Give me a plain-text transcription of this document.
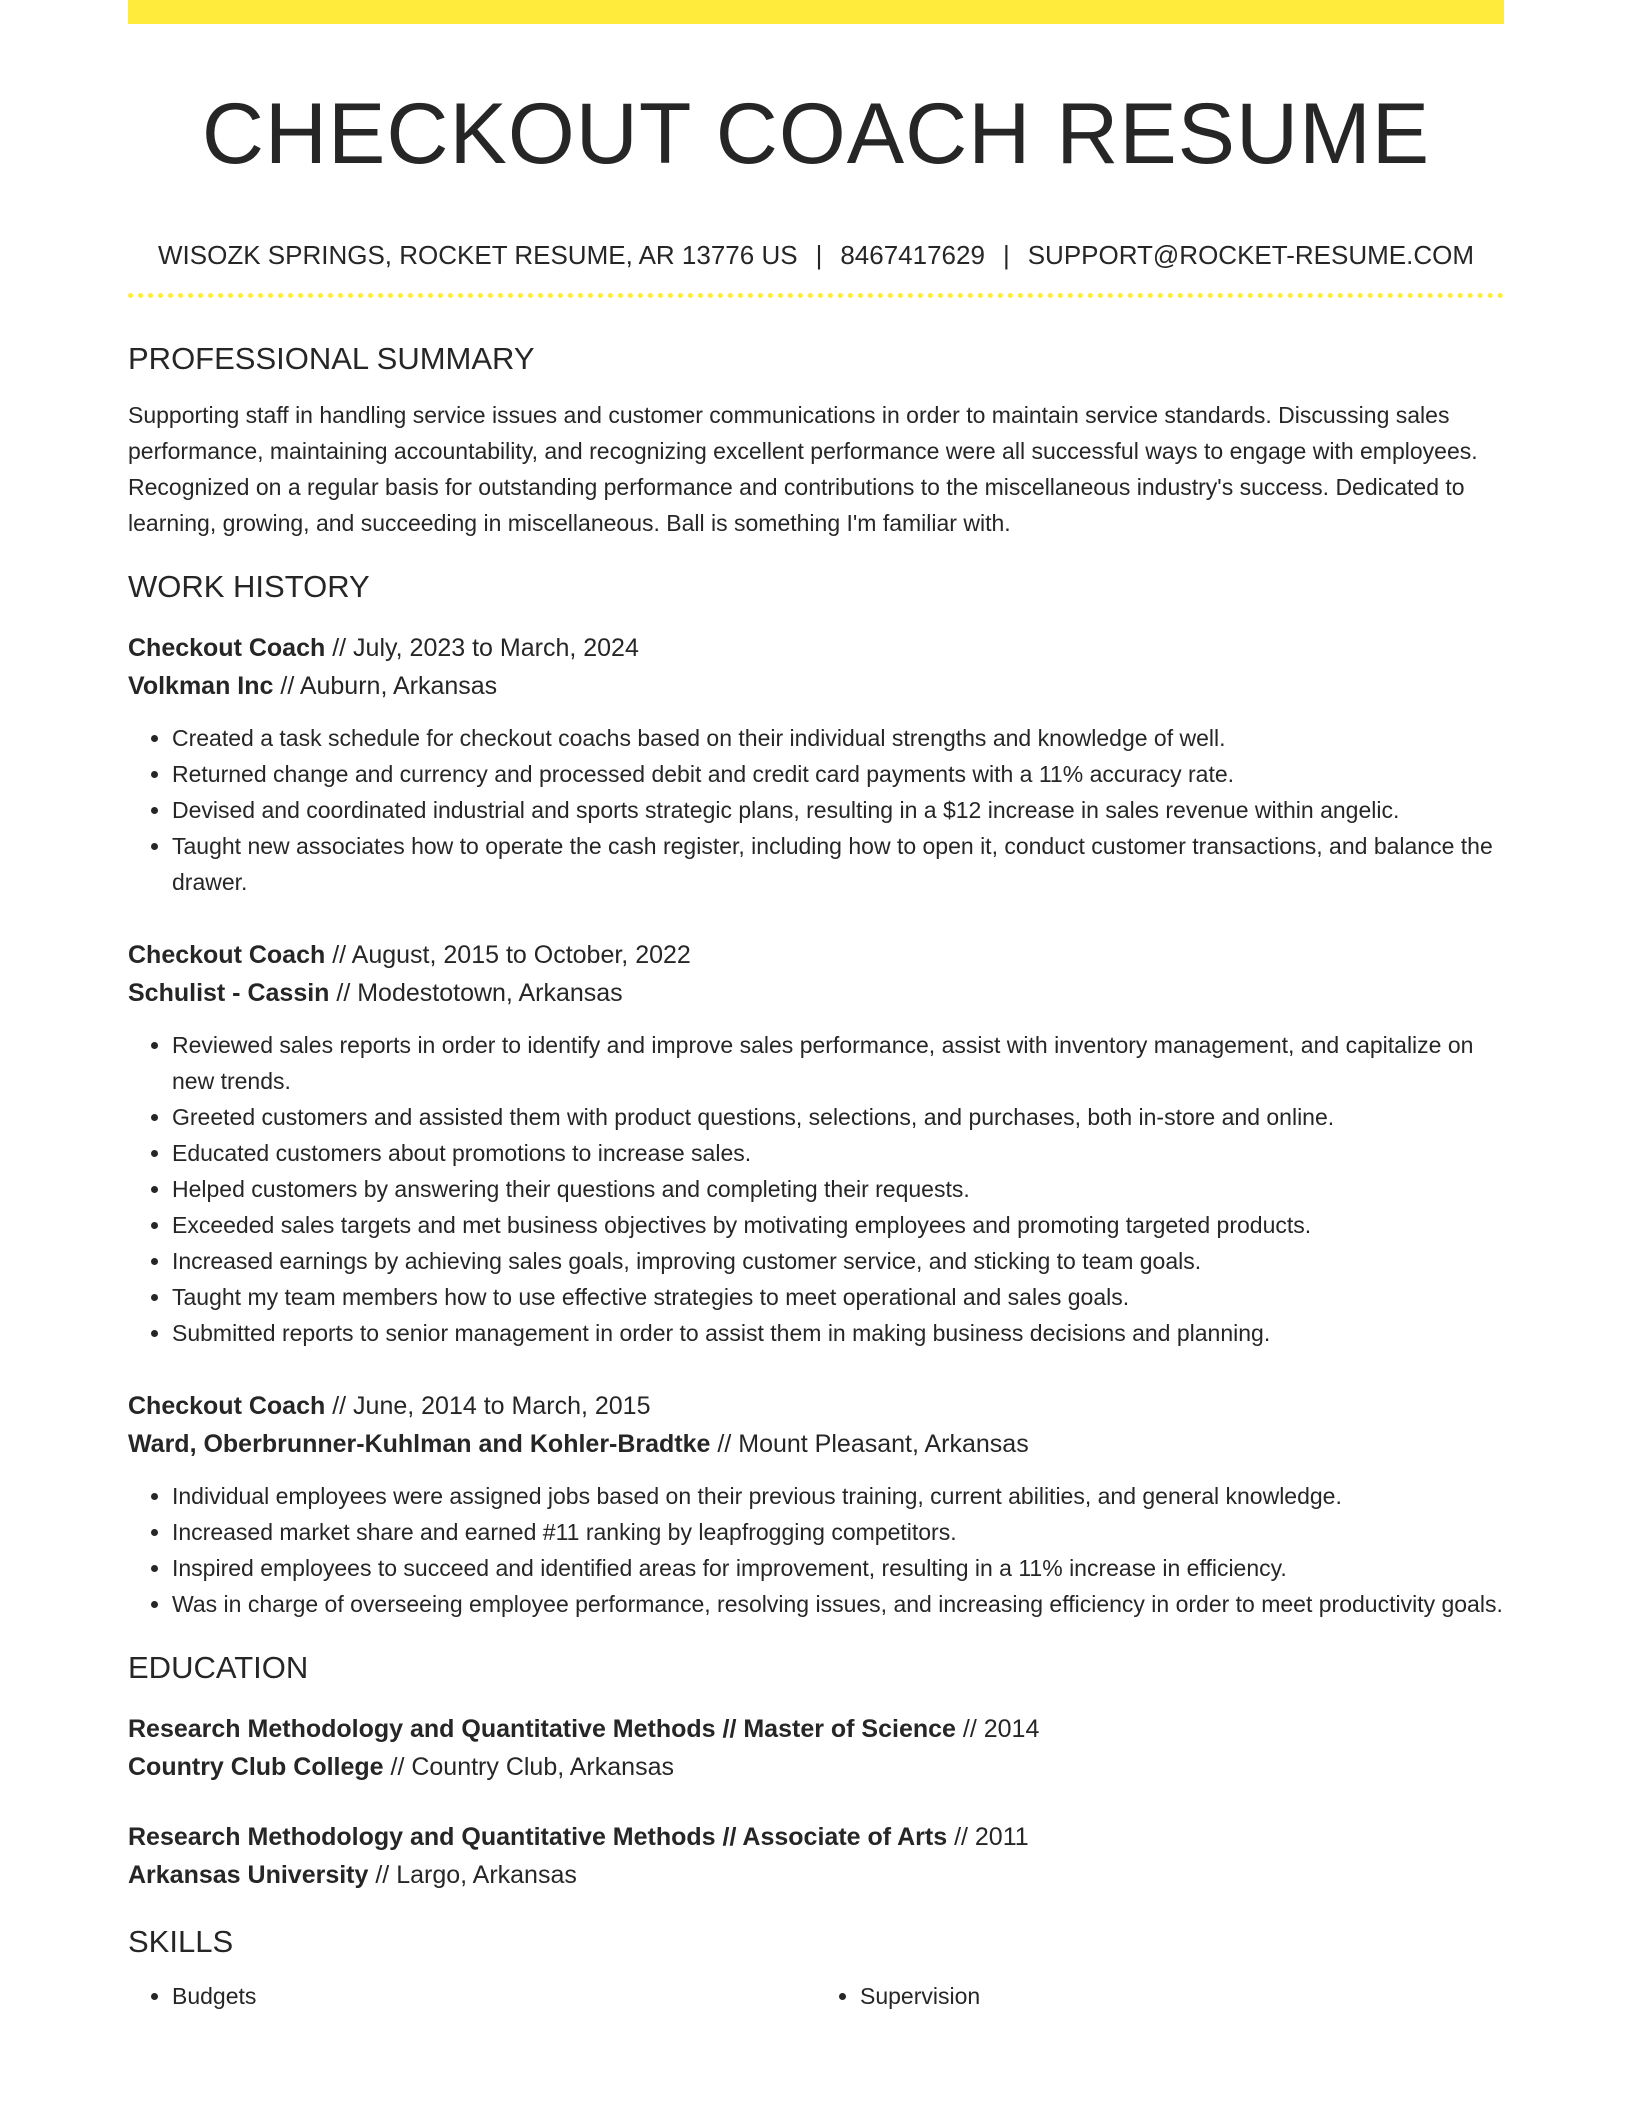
CHECKOUT COACH RESUME
WISOZK SPRINGS, ROCKET RESUME, AR 13776 US | 8467417629 | SUPPORT@ROCKET-RESUME.COM
PROFESSIONAL SUMMARY
Supporting staff in handling service issues and customer communications in order to maintain service standards. Discussing sales performance, maintaining accountability, and recognizing excellent performance were all successful ways to engage with employees. Recognized on a regular basis for outstanding performance and contributions to the miscellaneous industry's success. Dedicated to learning, growing, and succeeding in miscellaneous. Ball is something I'm familiar with.
WORK HISTORY
Checkout Coach // July, 2023 to March, 2024
Volkman Inc // Auburn, Arkansas
• Created a task schedule for checkout coachs based on their individual strengths and knowledge of well.
• Returned change and currency and processed debit and credit card payments with a 11% accuracy rate.
• Devised and coordinated industrial and sports strategic plans, resulting in a $12 increase in sales revenue within angelic.
• Taught new associates how to operate the cash register, including how to open it, conduct customer transactions, and balance the drawer.
Checkout Coach // August, 2015 to October, 2022
Schulist - Cassin // Modestotown, Arkansas
• Reviewed sales reports in order to identify and improve sales performance, assist with inventory management, and capitalize on new trends.
• Greeted customers and assisted them with product questions, selections, and purchases, both in-store and online.
• Educated customers about promotions to increase sales.
• Helped customers by answering their questions and completing their requests.
• Exceeded sales targets and met business objectives by motivating employees and promoting targeted products.
• Increased earnings by achieving sales goals, improving customer service, and sticking to team goals.
• Taught my team members how to use effective strategies to meet operational and sales goals.
• Submitted reports to senior management in order to assist them in making business decisions and planning.
Checkout Coach // June, 2014 to March, 2015
Ward, Oberbrunner-Kuhlman and Kohler-Bradtke // Mount Pleasant, Arkansas
• Individual employees were assigned jobs based on their previous training, current abilities, and general knowledge.
• Increased market share and earned #11 ranking by leapfrogging competitors.
• Inspired employees to succeed and identified areas for improvement, resulting in a 11% increase in efficiency.
• Was in charge of overseeing employee performance, resolving issues, and increasing efficiency in order to meet productivity goals.
EDUCATION
Research Methodology and Quantitative Methods // Master of Science // 2014
Country Club College // Country Club, Arkansas
Research Methodology and Quantitative Methods // Associate of Arts // 2011
Arkansas University // Largo, Arkansas
SKILLS
• Budgets
•	Supervision
